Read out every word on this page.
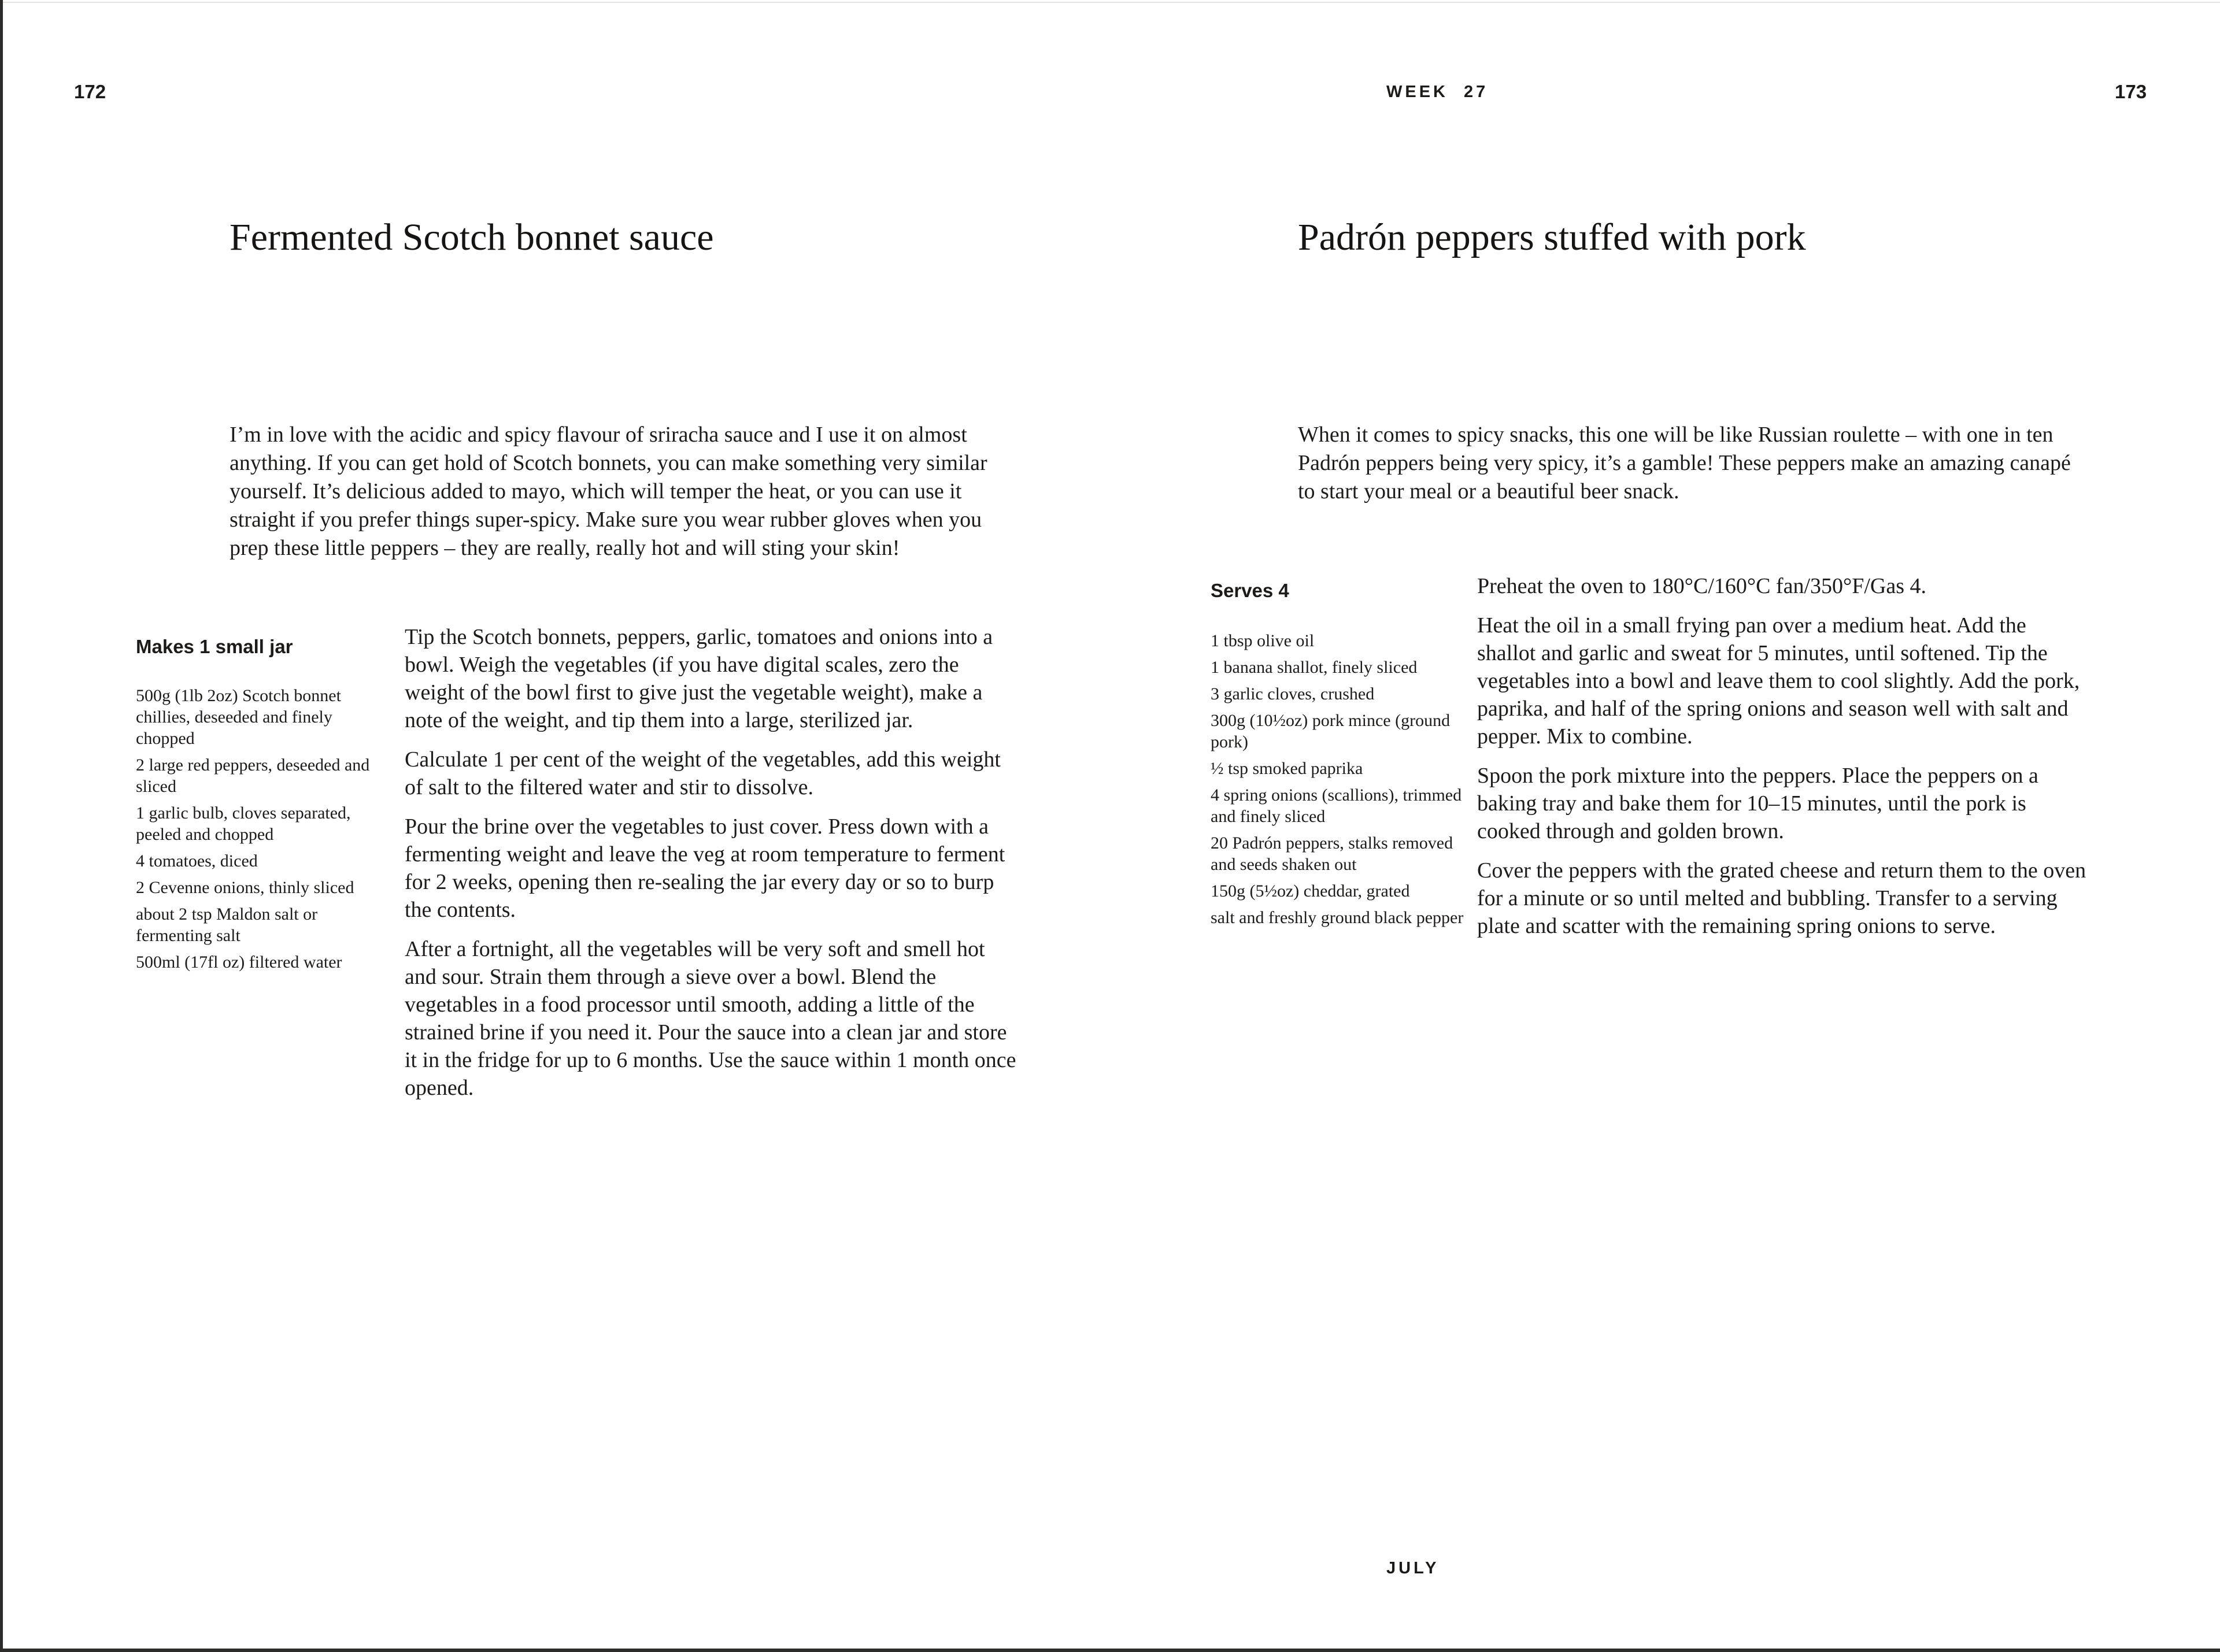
172	WEEK 27	173
Fermented Scotch bonnet sauce
I’m in love with the acidic and spicy flavour of sriracha sauce and I use it on almost anything. If you can get hold of Scotch bonnets, you can make something very similar yourself. It’s delicious added to mayo, which will temper the heat, or you can use it straight if you prefer things super-spicy. Make sure you wear rubber gloves when you prep these little peppers – they are really, really hot and will sting your skin!
Makes 1 small jar

500g (1lb 2oz) Scotch bonnet chillies, deseeded and finely chopped

2 large red peppers, deseeded and sliced

1 garlic bulb, cloves separated, peeled and chopped

4 tomatoes, diced

2 Cevenne onions, thinly sliced

about 2 tsp Maldon salt or fermenting salt

500ml (17fl oz) filtered water

Tip the Scotch bonnets, peppers, garlic, tomatoes and onions into a bowl. Weigh the vegetables (if you have digital scales, zero the weight of the bowl first to give just the vegetable weight), make a note of the weight, and tip them into a large, sterilized jar.

Calculate 1 per cent of the weight of the vegetables, add this weight of salt to the filtered water and stir to dissolve.

Pour the brine over the vegetables to just cover. Press down with a fermenting weight and leave the veg at room temperature to ferment for 2 weeks, opening then re-sealing the jar every day or so to burp the contents.

After a fortnight, all the vegetables will be very soft and smell hot and sour. Strain them through a sieve over a bowl. Blend the vegetables in a food processor until smooth, adding a little of the strained brine if you need it. Pour the sauce into a clean jar and store it in the fridge for up to 6 months. Use the sauce within 1 month once opened.

Padrón peppers stuffed with pork
When it comes to spicy snacks, this one will be like Russian roulette – with one in ten Padrón peppers being very spicy, it’s a gamble! These peppers make an amazing canapé to start your meal or a beautiful beer snack.
Serves 4

1 tbsp olive oil

1 banana shallot, finely sliced

3 garlic cloves, crushed

300g (10½oz) pork mince (ground pork)

½ tsp smoked paprika

4 spring onions (scallions), trimmed and finely sliced

20 Padrón peppers, stalks removed and seeds shaken out

150g (5½oz) cheddar, grated

salt and freshly ground black pepper

Preheat the oven to 180°C/160°C fan/350°F/Gas 4.

Heat the oil in a small frying pan over a medium heat. Add the shallot and garlic and sweat for 5 minutes, until softened. Tip the vegetables into a bowl and leave them to cool slightly. Add the pork, paprika, and half of the spring onions and season well with salt and pepper. Mix to combine.

Spoon the pork mixture into the peppers. Place the peppers on a baking tray and bake them for 10–15 minutes, until the pork is cooked through and golden brown.

Cover the peppers with the grated cheese and return them to the oven for a minute or so until melted and bubbling. Transfer to a serving plate and scatter with the remaining spring onions to serve.

JULY
